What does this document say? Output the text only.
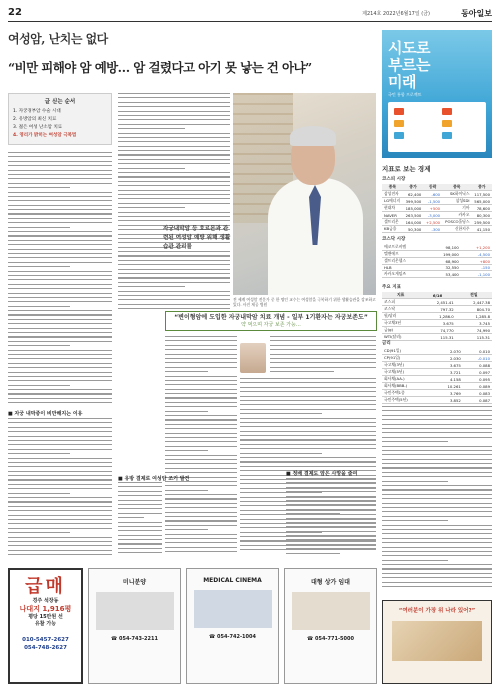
22	제214호 2022년6월17일 (금)	동아일보
여성암, 난치는 없다
“비만 피해야 암 예방… 암 걸렸다고 아기 못 낳는 건 아냐”
글 싣는 순서
1. 자궁경부암 수술 시대
2. 유방암의 최신 치료
3. 젊은 여성 난소암 치료
4. 영리가 밝히는 여성암 극복법
■ 자궁 내막증이 비만해지는 이유
자궁내막암 등 호르몬과 관련된 여성암 예방 위해 생활 습관 관리를
전 세계 여성암 전문가 중 한 명인 교수는 여성암을 극복하기 위한 생활습관을 강조하고 있다. 사진 제공 병원
“변이형암에 도입한 자궁내막암 치료 개념 - 일부 1기환자는 자궁보존도”
약 먹으며 자궁 보존 가능…
■ 유방 결제로 여성암 조기 발견
■ 정배 결제도 암은 사망을 줄여
시도로
부르는
미래
국민 통합 프로젝트
지표로 보는 경제
코스피 시장
종목	종가	등락	종목	종가
삼성전자	62,400	-600	SK하이닉스	117,500
LG에너지	399,500	-1,500	삼성SDI	565,000
현대차	185,000	+500	기아	78,600
NAVER	263,500	-3,000	카카오	80,300
셀트리온	164,000	+2,500	POSCO홀딩스	259,500
KB금융	50,300	-300	신한지주	41,150
코스닥 시장
에코프로비엠	98,100	+1,200
엘앤에프	199,000	-4,500
셀트리온헬스	68,900	+800
HLB	32,550	-150
카카오게임즈	53,400	-1,100
주요 지표
지표	6/16	전일
코스피	2,451.41	2,447.38
코스닥	797.32	804.70
원/달러	1,286.0	1,285.8
국고채3년	3.675	3.745
금(g)	74,770	74,990
WTI(달러)	115.31	115.31
금리
CD(91일)	2.070	0.010
CP(91일)	2.030	-0.010
국고채(3년)	3.675	0.088
국고채(5년)	3.721	0.097
회사채(AA-)	4.158	0.095
회사채(BBB-)	10.261	0.089
국민주택1종	3.769	0.083
국민주택(5년)	3.852	0.087
급매
경주 석장동
나대지 1,916평
평당 15만원 선
유찰 가능
010-5457-2627
054-748-2627
미니분양
☎ 054-743-2211
MEDICAL CINEMA
☎ 054-742-1004
대형 상가 임대
☎ 054-771-5000
“여러분이 가장 위 나라 있어?”
